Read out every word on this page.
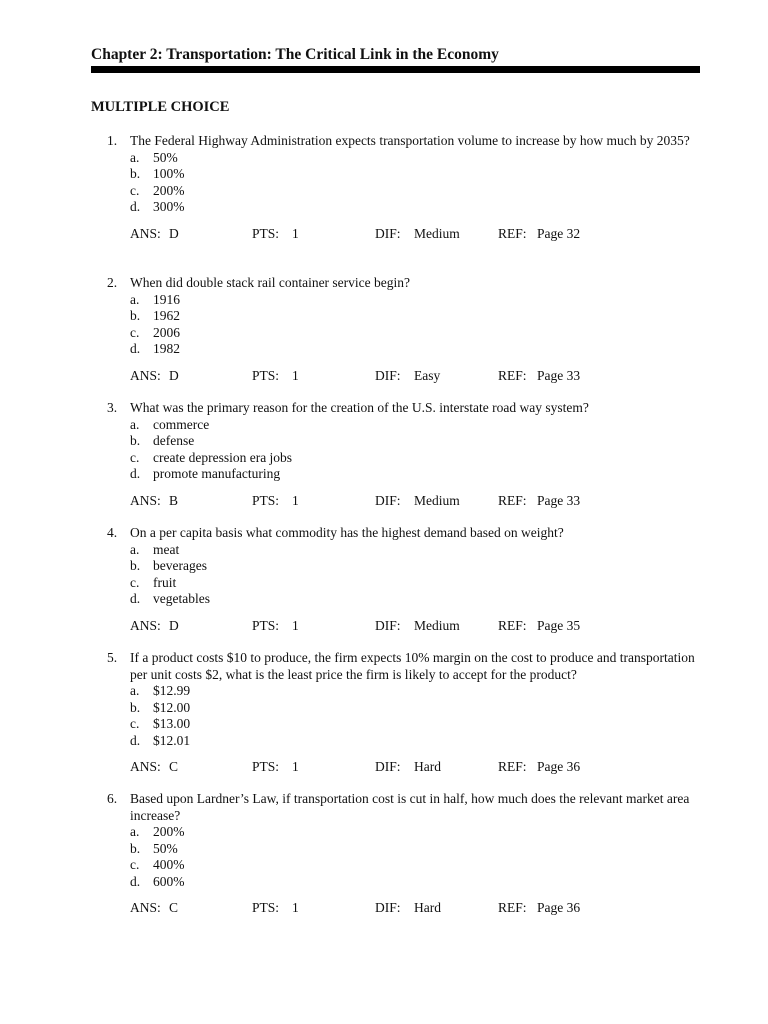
Chapter 2: Transportation: The Critical Link in the Economy
MULTIPLE CHOICE
1. The Federal Highway Administration expects transportation volume to increase by how much by 2035?
a.	50%
b. 100%
c.	200%
d. 300%
ANS: D	PTS: 1	DIF: Medium	REF: Page 32
2. When did double stack rail container service begin?
a.	1916
b. 1962
c.	2006
d. 1982
ANS: D	PTS: 1	DIF: Easy	REF: Page 33
3. What was the primary reason for the creation of the U.S. interstate road way system?
a.	commerce
b. defense
c.	create depression era jobs
d. promote manufacturing
ANS: B	PTS: 1	DIF: Medium	REF: Page 33
4. On a per capita basis what commodity has the highest demand based on weight?
a.	meat
b. beverages
c.	fruit
d. vegetables
ANS: D	PTS: 1	DIF: Medium	REF: Page 35
5. If a product costs $10 to produce, the firm expects 10% margin on the cost to produce and transportation per unit costs $2, what is the least price the firm is likely to accept for the product?
a.	$12.99
b. $12.00
c.	$13.00
d. $12.01
ANS: C	PTS: 1	DIF: Hard	REF: Page 36
6. Based upon Lardner’s Law, if transportation cost is cut in half, how much does the relevant market area increase?
a.	200%
b. 50%
c.	400%
d. 600%
ANS: C	PTS: 1	DIF: Hard	REF: Page 36
